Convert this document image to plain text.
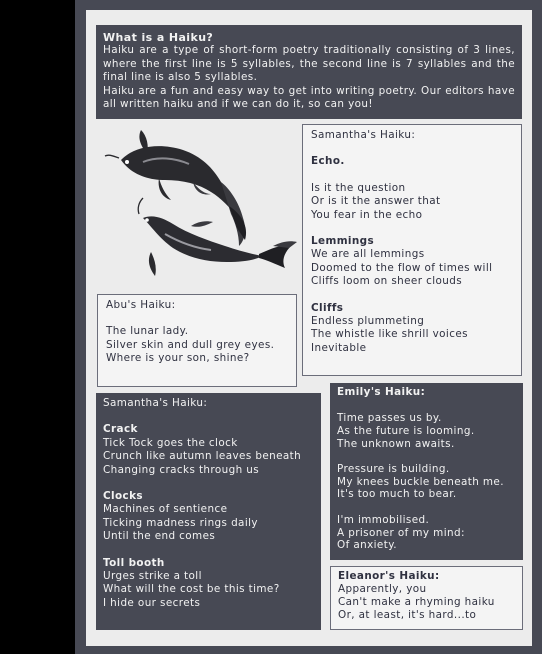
What is a Haiku?

Haiku are a type of short-form poetry traditionally consisting of 3 lines, where the first line is 5 syllables, the second line is 7 syllables and the final line is also 5 syllables.

Haiku are a fun and easy way to get into writing poetry. Our editors have all written haiku and if we can do it, so can you!

Samantha's Haiku:
Echo.
Is it the question
Or is it the answer that
You fear in the echo
Lemmings
We are all lemmings
Doomed to the flow of times will
Cliffs loom on sheer clouds
Cliffs
Endless plummeting
The whistle like shrill voices
Inevitable
Abu's Haiku:
The lunar lady.
Silver skin and dull grey eyes.
Where is your son, shine?
Samantha's Haiku:
Crack
Tick Tock goes the clock
Crunch like autumn leaves beneath
Changing cracks through us
Clocks
Machines of sentience
Ticking madness rings daily
Until the end comes
Toll booth
Urges strike a toll
What will the cost be this time?
I hide our secrets
Emily's Haiku:
Time passes us by.
As the future is looming.
The unknown awaits.
Pressure is building.
My knees buckle beneath me.
It's too much to bear.
I'm immobilised.
A prisoner of my mind:
Of anxiety.
Eleanor's Haiku:
Apparently, you
Can't make a rhyming haiku
Or, at least, it's hard...to
